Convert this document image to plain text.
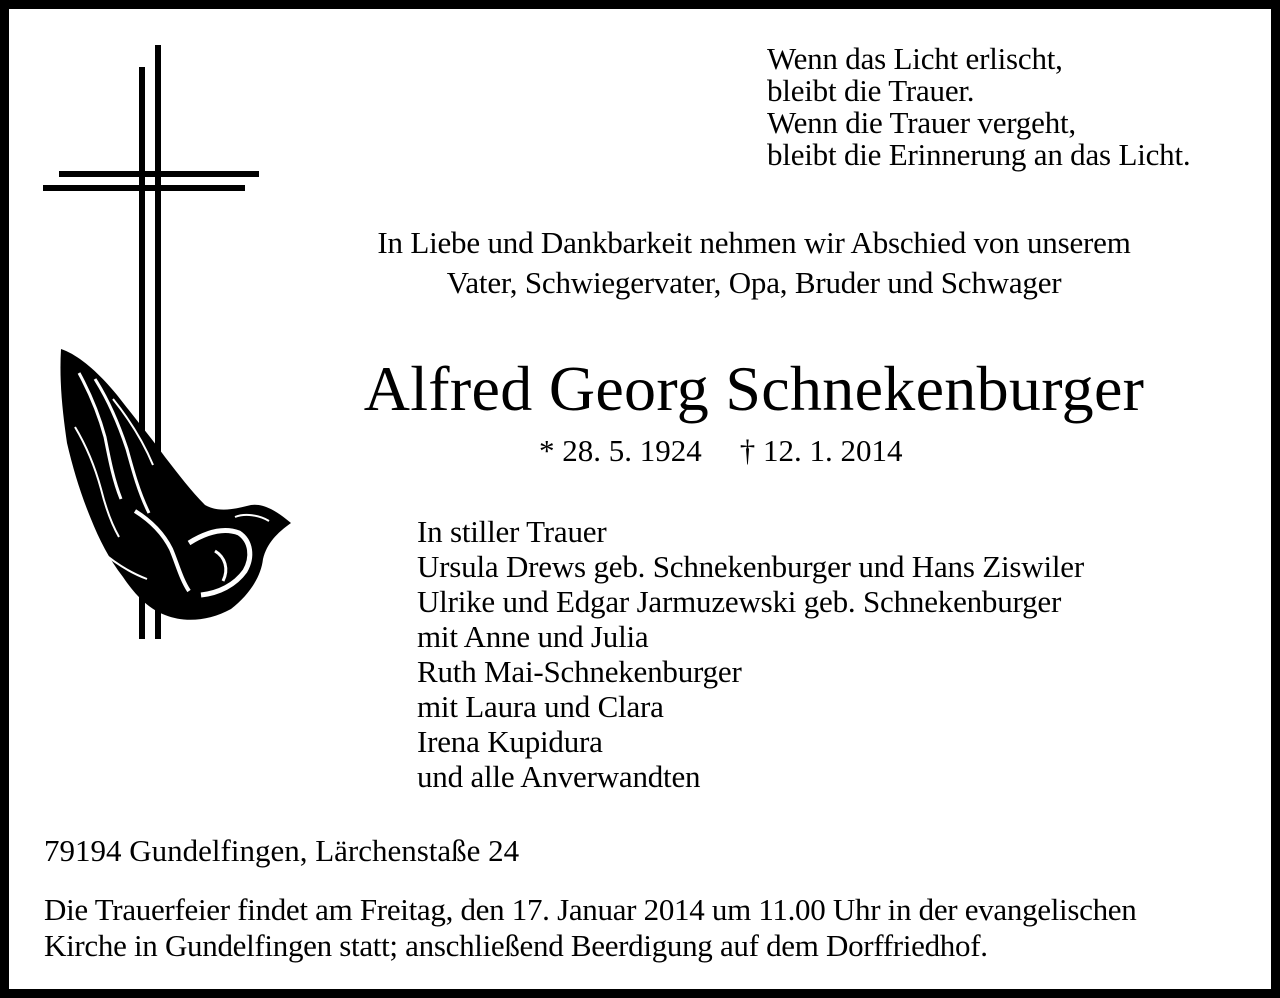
Wenn das Licht erlischt,
bleibt die Trauer.
Wenn die Trauer vergeht,
bleibt die Erinnerung an das Licht.
In Liebe und Dankbarkeit nehmen wir Abschied von unserem
Vater, Schwiegervater, Opa, Bruder und Schwager
Alfred Georg Schnekenburger
* 28. 5. 1924 † 12. 1. 2014
In stiller Trauer
Ursula Drews geb. Schnekenburger und Hans Ziswiler
Ulrike und Edgar Jarmuzewski geb. Schnekenburger
mit Anne und Julia
Ruth Mai-Schnekenburger
mit Laura und Clara
Irena Kupidura
und alle Anverwandten
79194 Gundelfingen, Lärchenstaße 24
Die Trauerfeier findet am Freitag, den 17. Januar 2014 um 11.00 Uhr in der evangelischen
Kirche in Gundelfingen statt; anschließend Beerdigung auf dem Dorffriedhof.
